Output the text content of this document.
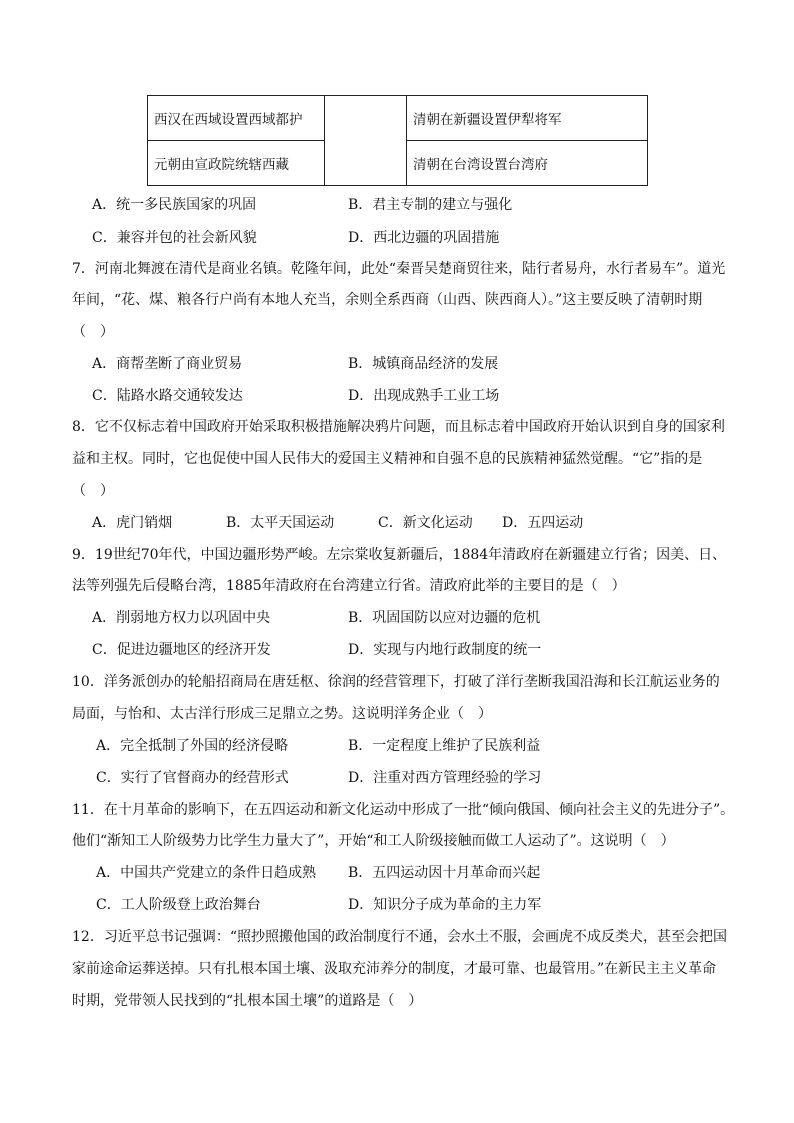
西汉在西域设置西域都护		清朝在新疆设置伊犁将军
元朝由宣政院统辖西藏		清朝在台湾设置台湾府
A．统一多民族国家的巩固	B．君主专制的建立与强化
C．兼容并包的社会新风貌	D．西北边疆的巩固措施
7．河南北舞渡在清代是商业名镇。乾隆年间，此处“秦晋吴楚商贸往来，陆行者易舟，水行者易车”。道光
年间，“花、煤、粮各行户尚有本地人充当，余则全系西商（山西、陕西商人）。”这主要反映了清朝时期
（　）
A．商帮垄断了商业贸易	B．城镇商品经济的发展
C．陆路水路交通较发达	D．出现成熟手工业工场
8．它不仅标志着中国政府开始采取积极措施解决鸦片问题，而且标志着中国政府开始认识到自身的国家利
益和主权。同时，它也促使中国人民伟大的爱国主义精神和自强不息的民族精神猛然觉醒。“它”指的是
（　）
A．虎门销烟	B．太平天国运动	C．新文化运动 D．五四运动
9．19世纪70年代，中国边疆形势严峻。左宗棠收复新疆后，1884年清政府在新疆建立行省；因美、日、
法等列强先后侵略台湾，1885年清政府在台湾建立行省。清政府此举的主要目的是（　）
A．削弱地方权力以巩固中央	B．巩固国防以应对边疆的危机
C．促进边疆地区的经济开发	D．实现与内地行政制度的统一
10．洋务派创办的轮船招商局在唐廷枢、徐润的经营管理下，打破了洋行垄断我国沿海和长江航运业务的
局面，与怡和、太古洋行形成三足鼎立之势。这说明洋务企业（　）
A．完全抵制了外国的经济侵略	B．一定程度上维护了民族利益
C．实行了官督商办的经营形式	D．注重对西方管理经验的学习
11．在十月革命的影响下，在五四运动和新文化运动中形成了一批“倾向俄国、倾向社会主义的先进分子”。
他们“渐知工人阶级势力比学生力量大了”，开始“和工人阶级接触而做工人运动了”。这说明（　）
A．中国共产党建立的条件日趋成熟 B．五四运动因十月革命而兴起
C．工人阶级登上政治舞台	D．知识分子成为革命的主力军
12．习近平总书记强调：“照抄照搬他国的政治制度行不通，会水土不服，会画虎不成反类犬，甚至会把国
家前途命运葬送掉。只有扎根本国土壤、汲取充沛养分的制度，才最可靠、也最管用。”在新民主主义革命
时期，党带领人民找到的“扎根本国土壤”的道路是（　）
